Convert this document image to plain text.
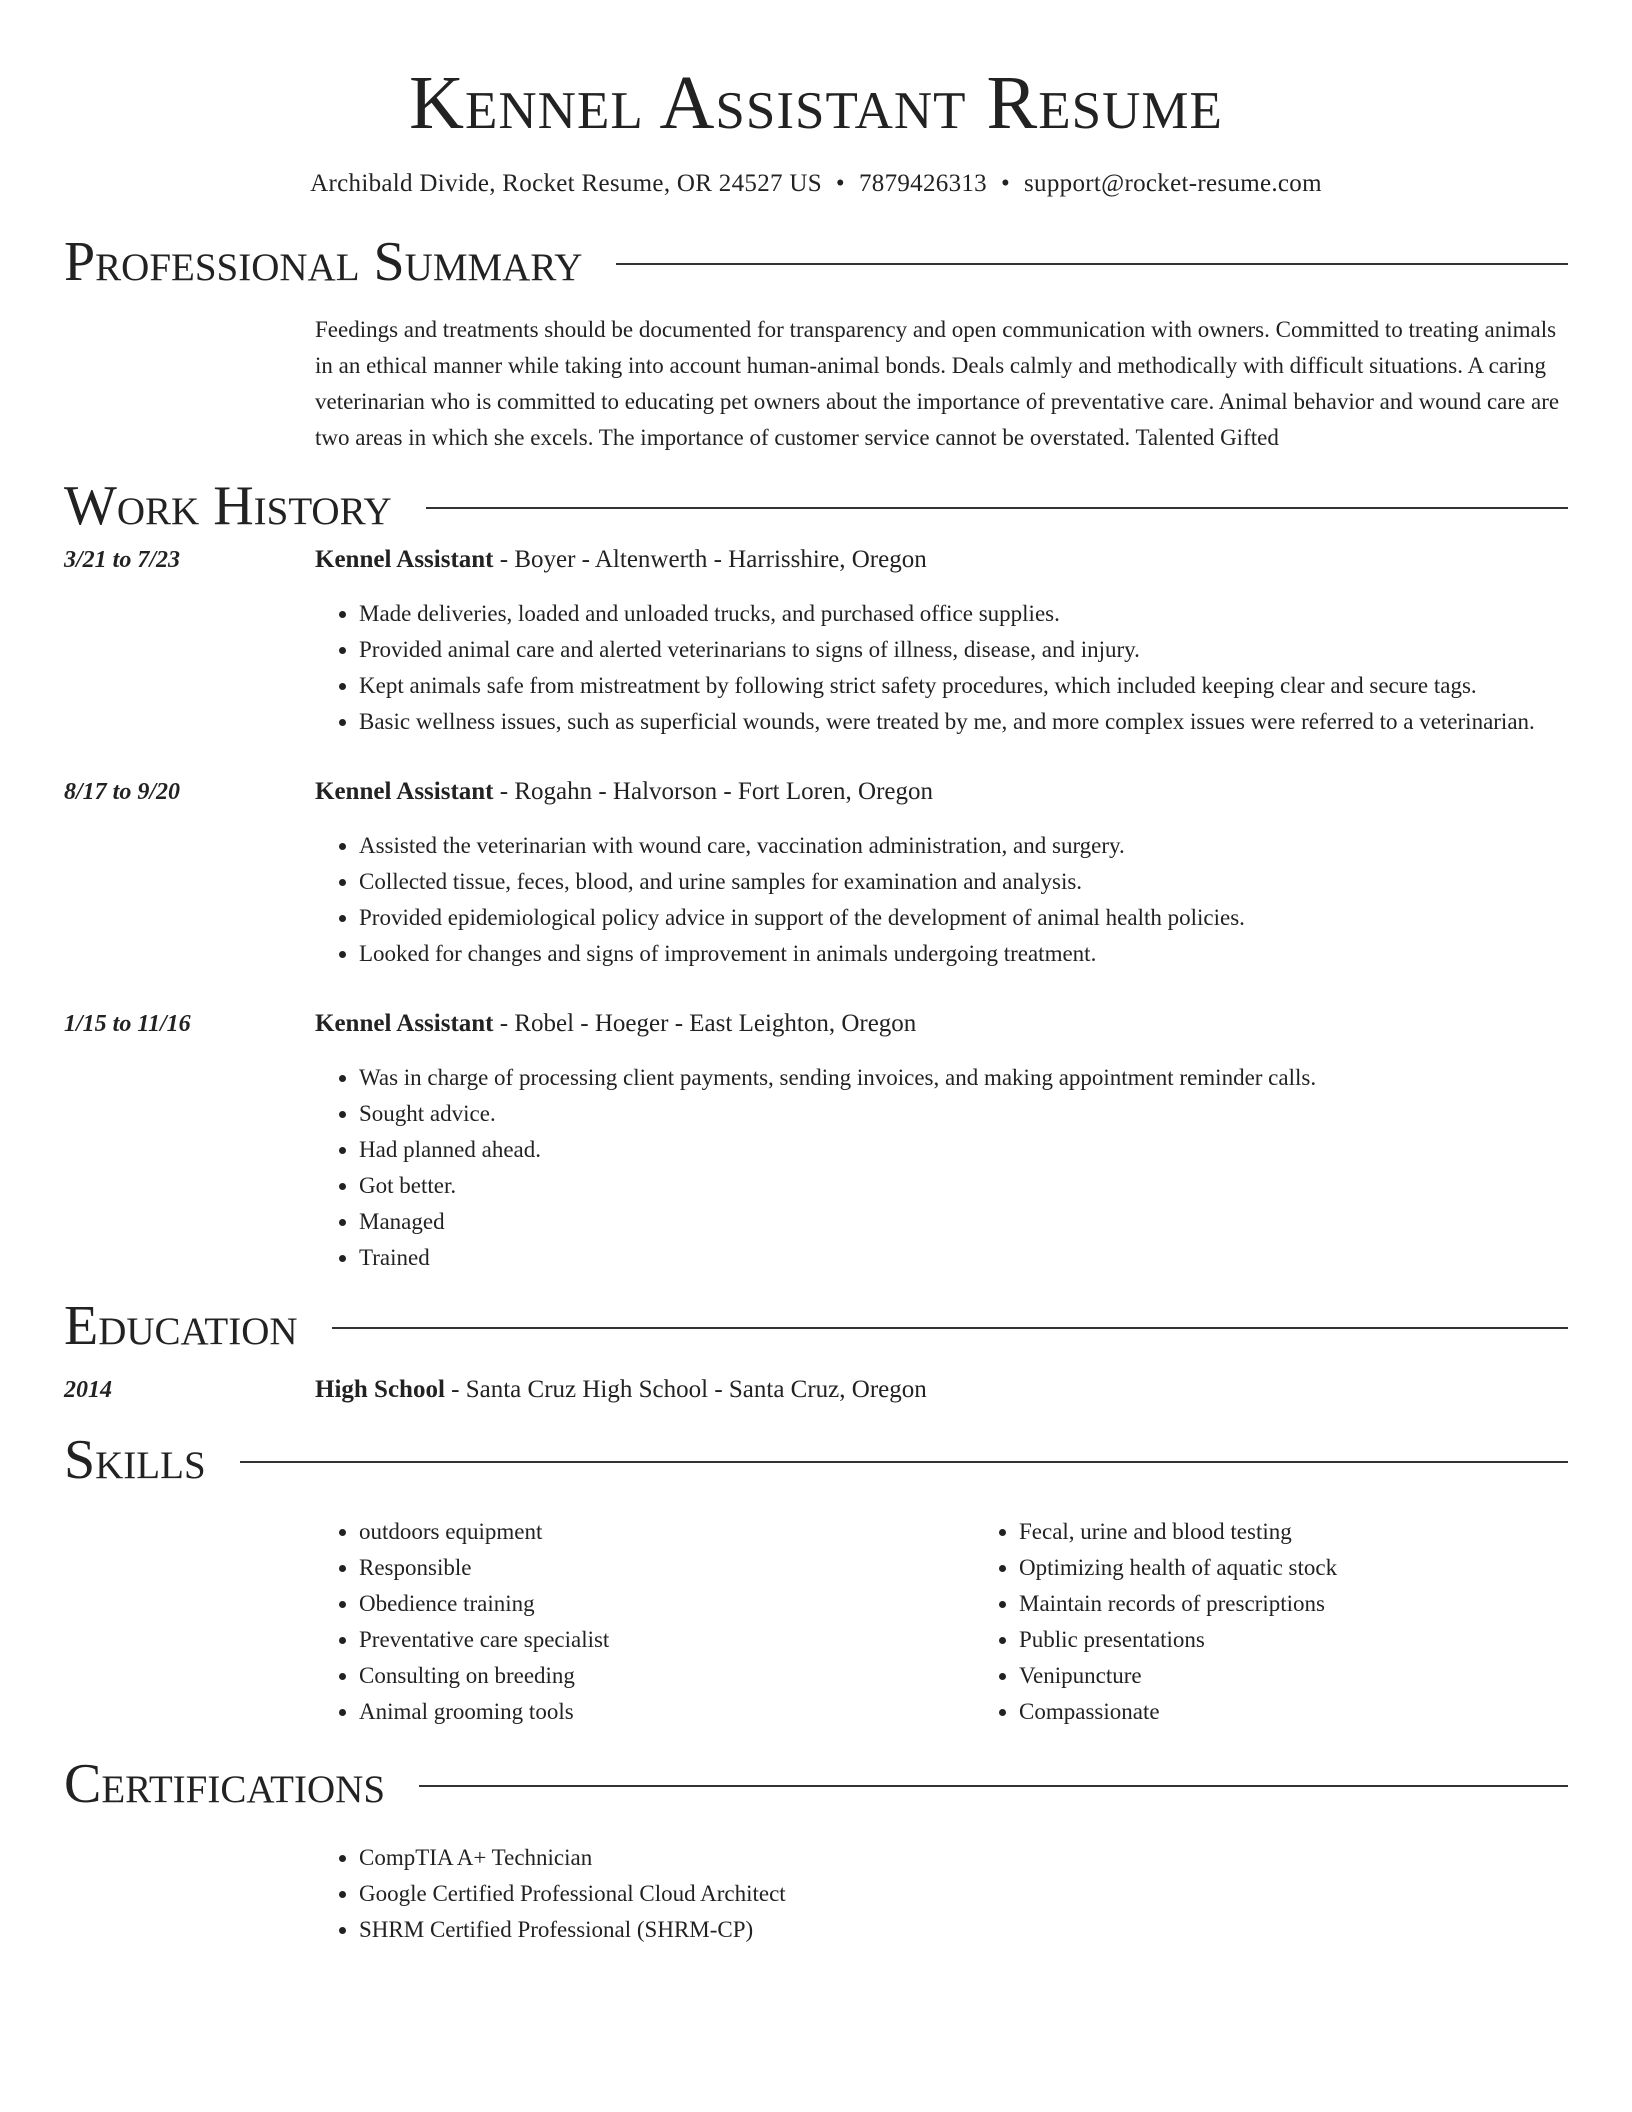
Kennel Assistant Resume
Archibald Divide, Rocket Resume, OR 24527 US • 7879426313 • support@rocket-resume.com
Professional Summary

Feedings and treatments should be documented for transparency and open communication with owners. Committed to treating animals in an ethical manner while taking into account human-animal bonds. Deals calmly and methodically with difficult situations. A caring veterinarian who is committed to educating pet owners about the importance of preventative care. Animal behavior and wound care are two areas in which she excels. The importance of customer service cannot be overstated. Talented Gifted

Work History
3/21 to 7/23	Kennel Assistant - Boyer - Altenwerth - Harrisshire, Oregon
• Made deliveries, loaded and unloaded trucks, and purchased office supplies.
• Provided animal care and alerted veterinarians to signs of illness, disease, and injury.
• Kept animals safe from mistreatment by following strict safety procedures, which included keeping clear and secure tags.
• Basic wellness issues, such as superficial wounds, were treated by me, and more complex issues were referred to a veterinarian.
8/17 to 9/20	Kennel Assistant - Rogahn - Halvorson - Fort Loren, Oregon
• Assisted the veterinarian with wound care, vaccination administration, and surgery.
• Collected tissue, feces, blood, and urine samples for examination and analysis.
• Provided epidemiological policy advice in support of the development of animal health policies.
• Looked for changes and signs of improvement in animals undergoing treatment.
1/15 to 11/16	Kennel Assistant - Robel - Hoeger - East Leighton, Oregon
• Was in charge of processing client payments, sending invoices, and making appointment reminder calls.
• Sought advice.
• Had planned ahead.
• Got better.
• Managed
• Trained
Education
2014	High School - Santa Cruz High School - Santa Cruz, Oregon
Skills
• outdoors equipment
• Responsible
• Obedience training
• Preventative care specialist
• Consulting on breeding
• Animal grooming tools
• Fecal, urine and blood testing
• Optimizing health of aquatic stock
• Maintain records of prescriptions
• Public presentations
• Venipuncture
• Compassionate
Certifications
• CompTIA A+ Technician
• Google Certified Professional Cloud Architect
• SHRM Certified Professional (SHRM-CP)
